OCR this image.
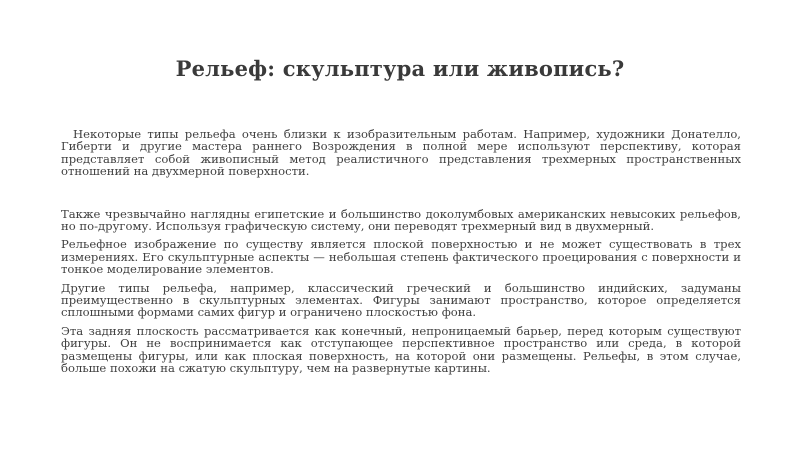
Рельеф: скульптура или живопись?

Некоторые типы рельефа очень близки к изобразительным работам. Например, художники Донателло, Гиберти и другие мастера раннего Возрождения в полной мере используют перспективу, которая представляет собой живописный метод реалистичного представления трехмерных пространственных отношений на двухмерной поверхности.

Также чрезвычайно наглядны египетские и большинство доколумбовых американских невысоких рельефов, но по-другому. Используя графическую систему, они переводят трехмерный вид в двухмерный.

Рельефное изображение по существу является плоской поверхностью и не может существовать в трех измерениях. Его скульптурные аспекты — небольшая степень фактического проецирования с поверхности и тонкое моделирование элементов.

Другие типы рельефа, например, классический греческий и большинство индийских, задуманы преимущественно в скульптурных элементах. Фигуры занимают пространство, которое определяется сплошными формами самих фигур и ограничено плоскостью фона.

Эта задняя плоскость рассматривается как конечный, непроницаемый барьер, перед которым существуют фигуры. Он не воспринимается как отступающее перспективное пространство или среда, в которой размещены фигуры, или как плоская поверхность, на которой они размещены. Рельефы, в этом случае, больше похожи на сжатую скульптуру, чем на развернутые картины.
